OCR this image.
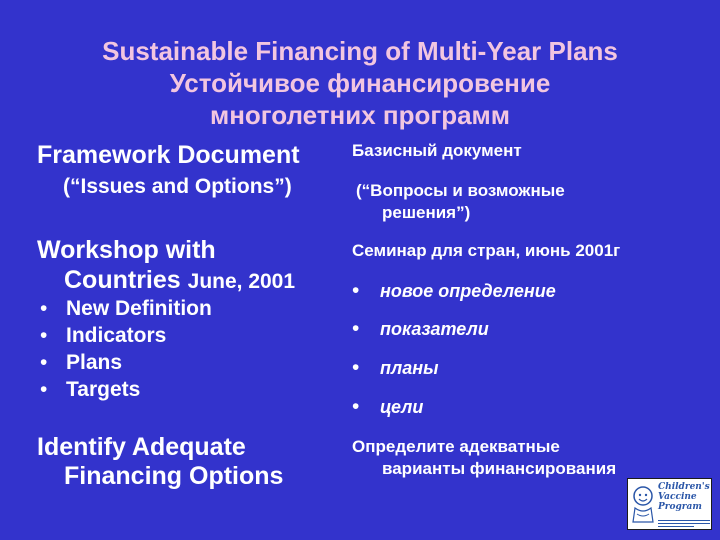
Sustainable Financing of Multi-Year Plans
Устойчивое финансировение
многолетних программ
Framework Document
(“Issues and Options”)
Workshop with
Countries June, 2001
• New Definition
• Indicators
• Plans
• Targets
Identify Adequate
Financing Options
Базисный документ
(“Вопросы и возможные
решения”)
Семинар для стран, июнь 2001г
• новое определение
• показатели
• планы
• цели
Определите адекватные
варианты финансирования
Children's
Vaccine
Program
